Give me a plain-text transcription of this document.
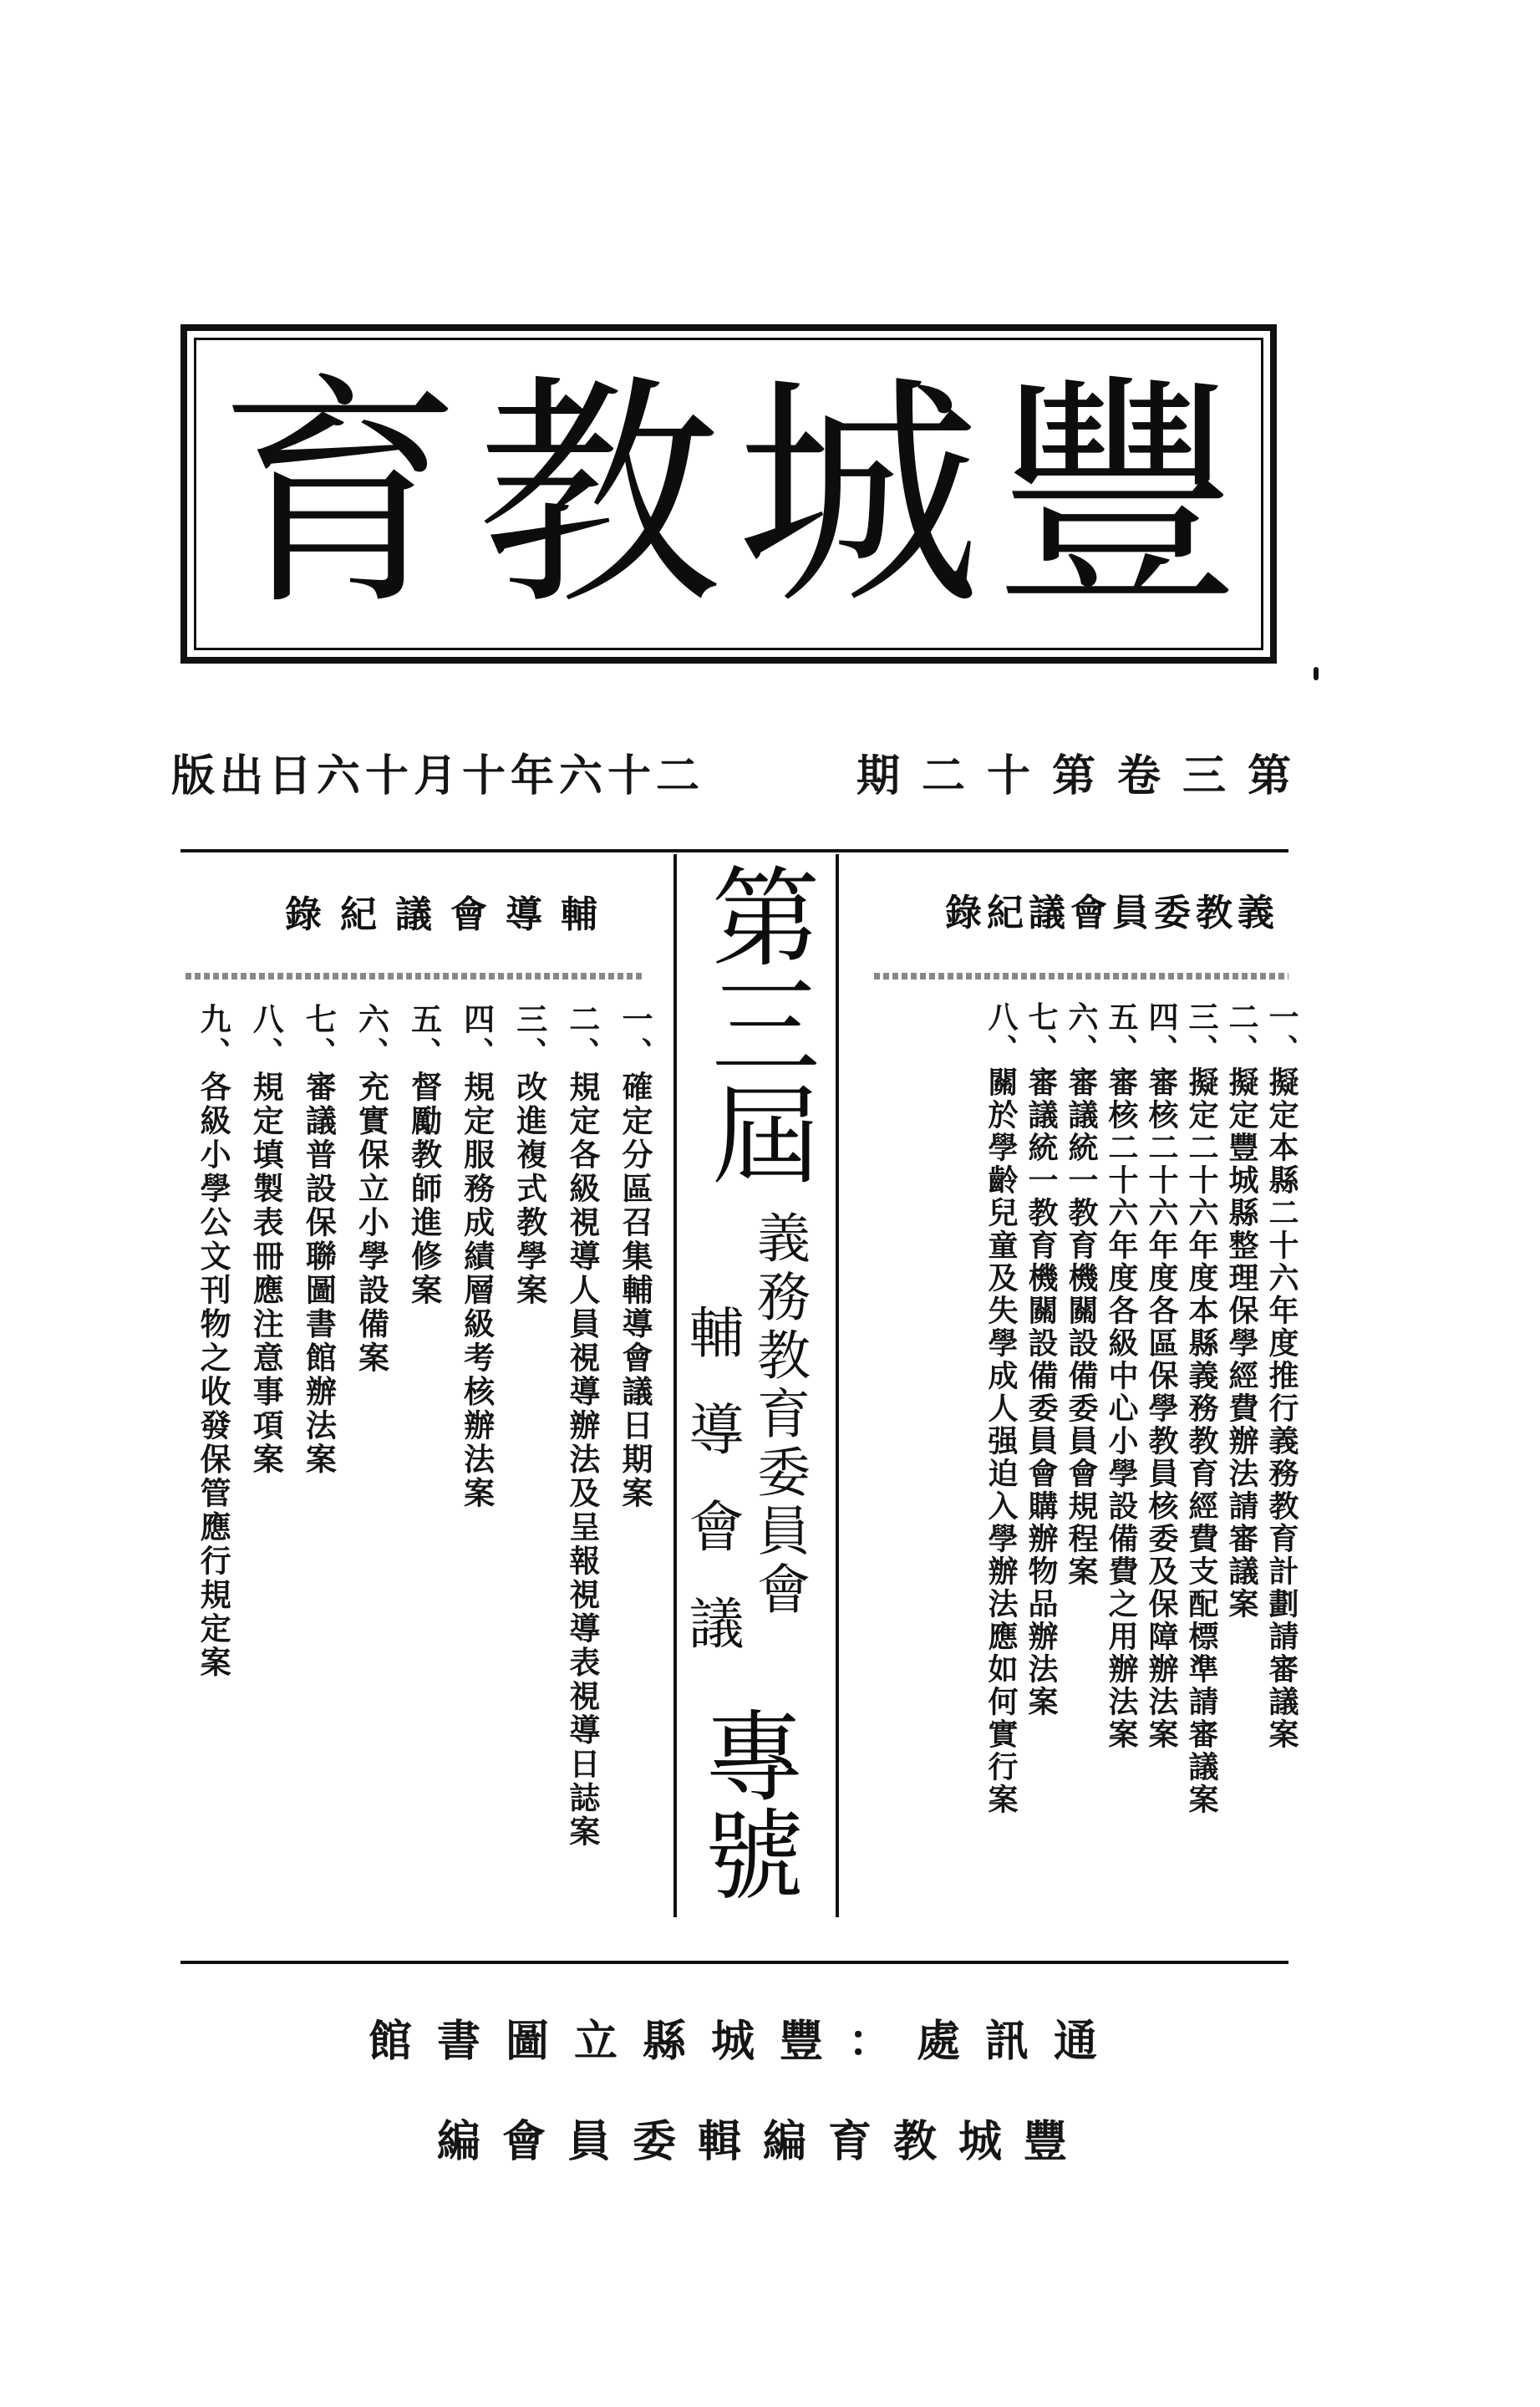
豐
城
教
育
第三卷第十二期
二十六年十月十六日出版
輔導會議紀錄	義教委員會議紀錄
一、確定分區召集輔導會議日期案
二、規定各級視導人員視導辦法及呈報視導表視導日誌案
三、改進複式教學案
四、規定服務成績層級考核辦法案
五、督勵教師進修案
六、充實保立小學設備案
七、審議普設保聯圖書館辦法案
八、規定填製表冊應注意事項案
九、各級小學公文刊物之收發保管應行規定案	第三屆
義務教育委員會
輔導會議
專號
一、擬定本縣二十六年度推行義務教育計劃請審議案
二、擬定豐城縣整理保學經費辦法請審議案
三、擬定二十六年度本縣義務教育經費支配標準請審議案
四、審核二十六年度各區保學教員核委及保障辦法案
五、審核二十六年度各級中心小學設備費之用辦法案
六、審議統一教育機關設備委員會規程案
七、審議統一教育機關設備委員會購辦物品辦法案
八、關於學齡兒童及失學成人强迫入學辦法應如何實行案
通訊處：豐城縣立圖書館
豐城教育編輯委員會編
